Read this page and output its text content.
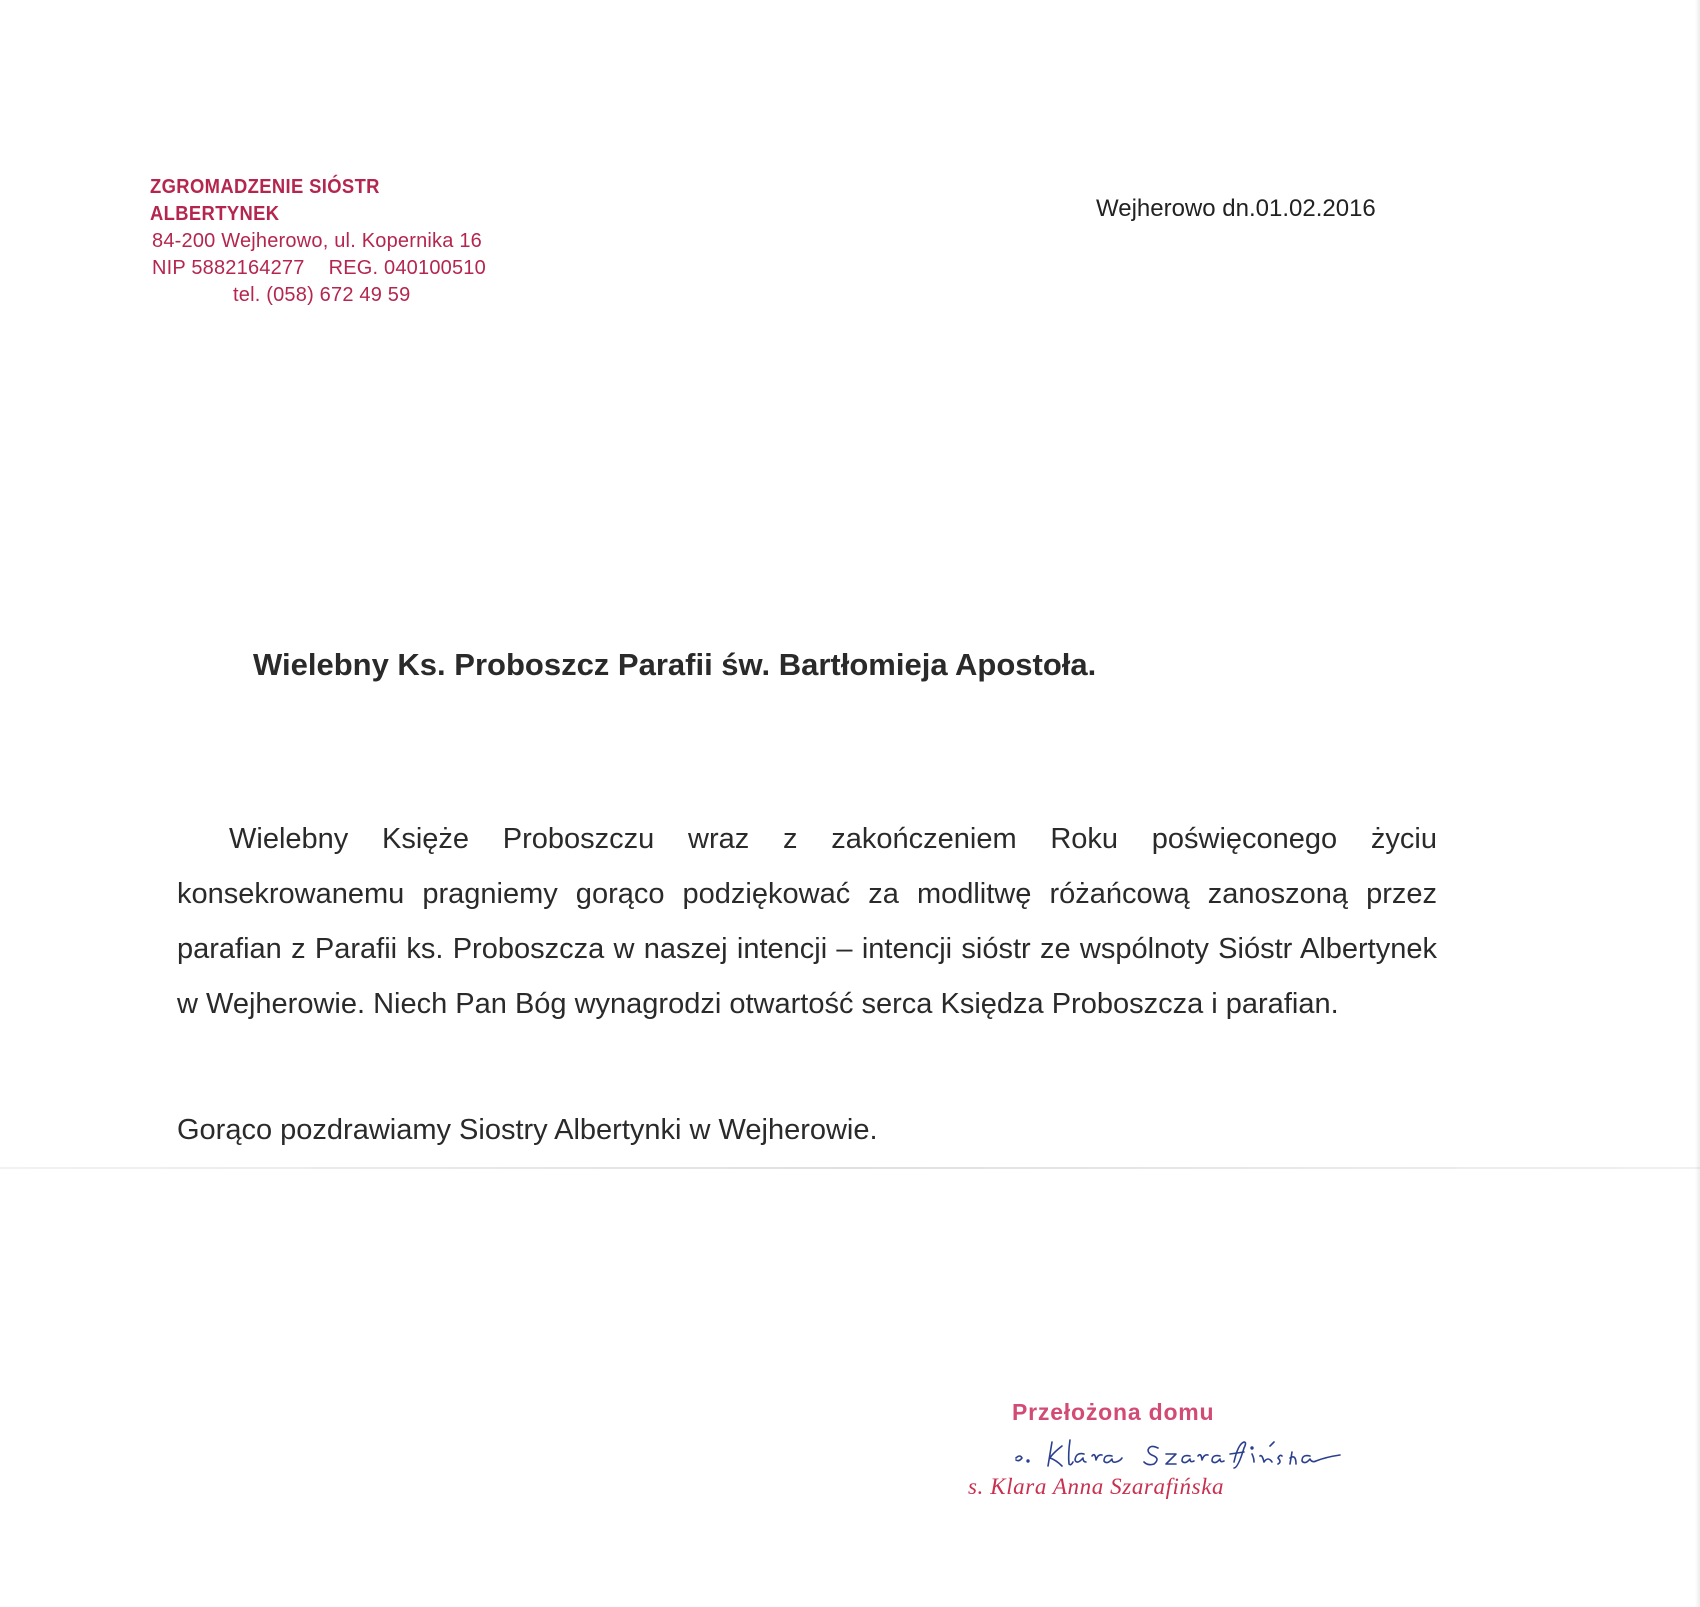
ZGROMADZENIE SIÓSTR ALBERTYNEK
84-200 Wejherowo, ul. Kopernika 16
NIP 5882164277 REG. 040100510
tel. (058) 672 49 59
Wejherowo dn.01.02.2016
Wielebny Ks. Proboszcz Parafii św. Bartłomieja Apostoła.

Wielebny Księże Proboszczu wraz z zakończeniem Roku poświęconego życiu konsekrowanemu pragniemy gorąco podziękować za modlitwę różańcową zanoszoną przez parafian z Parafii ks. Proboszcza w naszej intencji – intencji sióstr ze wspólnoty Sióstr Albertynek w Wejherowie. Niech Pan Bóg wynagrodzi otwartość serca Księdza Proboszcza i parafian.

Gorąco pozdrawiamy Siostry Albertynki w Wejherowie.

Przełożona domu
s. Klara Anna Szarafińska
